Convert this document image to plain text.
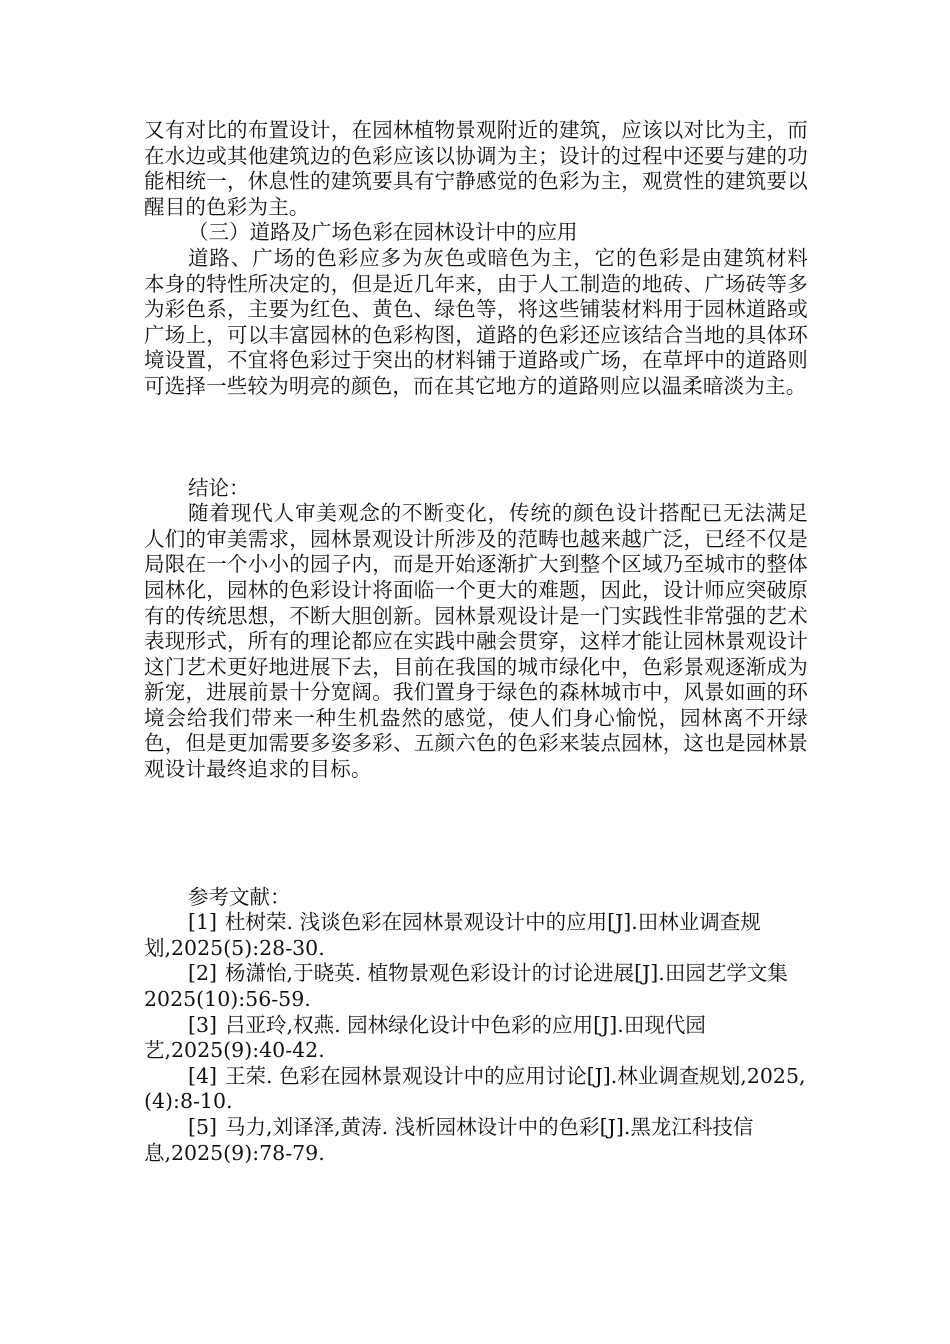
又有对比的布置设计，在园林植物景观附近的建筑，应该以对比为主，而在水边或其他建筑边的色彩应该以协调为主；设计的过程中还要与建的功能相统一，休息性的建筑要具有宁静感觉的色彩为主，观赏性的建筑要以醒目的色彩为主。

（三）道路及广场色彩在园林设计中的应用

道路、广场的色彩应多为灰色或暗色为主，它的色彩是由建筑材料本身的特性所决定的，但是近几年来，由于人工制造的地砖、广场砖等多为彩色系，主要为红色、黄色、绿色等，将这些铺装材料用于园林道路或广场上，可以丰富园林的色彩构图，道路的色彩还应该结合当地的具体环境设置，不宜将色彩过于突出的材料铺于道路或广场，在草坪中的道路则可选择一些较为明亮的颜色，而在其它地方的道路则应以温柔暗淡为主。

结论：

随着现代人审美观念的不断变化，传统的颜色设计搭配已无法满足人们的审美需求，园林景观设计所涉及的范畴也越来越广泛，已经不仅是局限在一个小小的园子内，而是开始逐渐扩大到整个区域乃至城市的整体园林化，园林的色彩设计将面临一个更大的难题，因此，设计师应突破原有的传统思想，不断大胆创新。园林景观设计是一门实践性非常强的艺术表现形式，所有的理论都应在实践中融会贯穿，这样才能让园林景观设计这门艺术更好地进展下去，目前在我国的城市绿化中，色彩景观逐渐成为新宠，进展前景十分宽阔。我们置身于绿色的森林城市中，风景如画的环境会给我们带来一种生机盎然的感觉，使人们身心愉悦，园林离不开绿色，但是更加需要多姿多彩、五颜六色的色彩来装点园林，这也是园林景观设计最终追求的目标。

参考文献：

[1] 杜树荣. 浅谈色彩在园林景观设计中的应用[J].田林业调查规划,2025(5):28-30.

[2] 杨潇怡,于晓英. 植物景观色彩设计的讨论进展[J].田园艺学文集 2025(10):56-59.

[3] 吕亚玲,权燕. 园林绿化设计中色彩的应用[J].田现代园艺,2025(9):40-42.

[4] 王荣. 色彩在园林景观设计中的应用讨论[J].林业调查规划,2025,(4):8-10.

[5] 马力,刘译泽,黄涛. 浅析园林设计中的色彩[J].黑龙江科技信息,2025(9):78-79.
